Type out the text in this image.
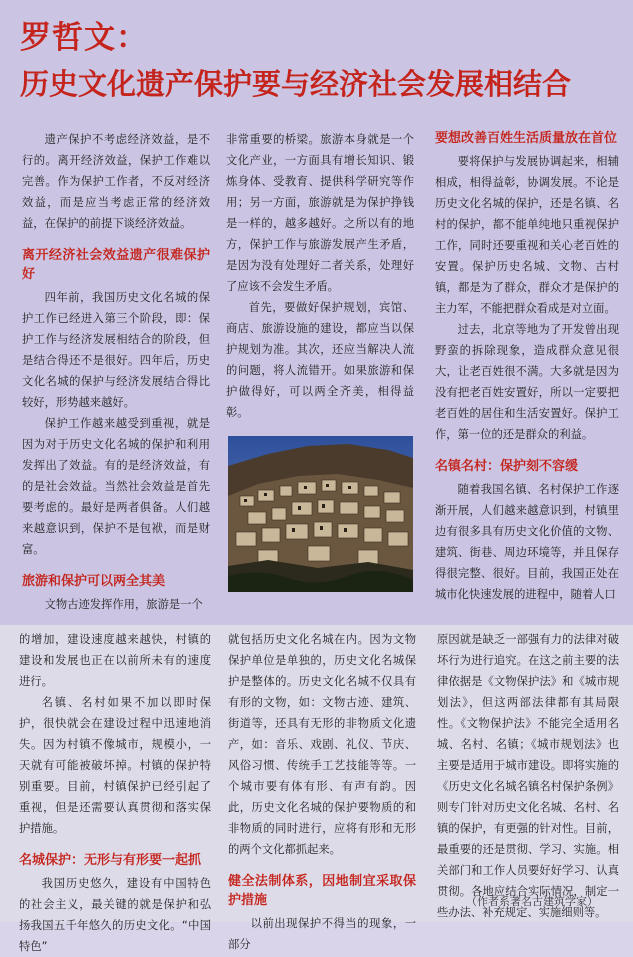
罗哲文：
历史文化遗产保护要与经济社会发展相结合

遗产保护不考虑经济效益，是不行的。离开经济效益，保护工作难以完善。作为保护工作者，不反对经济效益，而是应当考虑正常的经济效益，在保护的前提下谈经济效益。

离开经济社会效益遗产很难保护好

四年前，我国历史文化名城的保护工作已经进入第三个阶段，即：保护工作与经济发展相结合的阶段，但是结合得还不是很好。四年后，历史文化名城的保护与经济发展结合得比较好，形势越来越好。

保护工作越来越受到重视，就是因为对于历史文化名城的保护和利用发挥出了效益。有的是经济效益，有的是社会效益。当然社会效益是首先要考虑的。最好是两者俱备。人们越来越意识到，保护不是包袱，而是财富。

旅游和保护可以两全其美

文物古迹发挥作用，旅游是一个

非常重要的桥梁。旅游本身就是一个文化产业，一方面具有增长知识、锻炼身体、受教育、提供科学研究等作用；另一方面，旅游就是为保护挣钱是一样的，越多越好。之所以有的地方，保护工作与旅游发展产生矛盾，是因为没有处理好二者关系，处理好了应该不会发生矛盾。

首先，要做好保护规划，宾馆、商店、旅游设施的建设，都应当以保护规划为准。其次，还应当解决人流的问题，将人流错开。如果旅游和保护做得好，可以两全齐美，相得益彰。

要想改善百姓生活质量放在首位

要将保护与发展协调起来，相辅相成，相得益彰，协调发展。不论是历史文化名城的保护，还是名镇、名村的保护，都不能单纯地只重视保护工作，同时还要重视和关心老百姓的安置。保护历史名城、文物、古村镇，都是为了群众，群众才是保护的主力军，不能把群众看成是对立面。

过去，北京等地为了开发曾出现野蛮的拆除现象，造成群众意见很大，让老百姓很不满。大多就是因为没有把老百姓安置好，所以一定要把老百姓的居住和生活安置好。保护工作，第一位的还是群众的利益。

名镇名村：保护刻不容缓

随着我国名镇、名村保护工作逐渐开展，人们越来越意识到，村镇里边有很多具有历史文化价值的文物、建筑、街巷、周边环境等，并且保存得很完整、很好。目前，我国正处在城市化快速发展的进程中，随着人口

的增加，建设速度越来越快，村镇的建设和发展也正在以前所未有的速度进行。

名镇、名村如果不加以即时保护，很快就会在建设过程中迅速地消失。因为村镇不像城市，规模小，一天就有可能被破坏掉。村镇的保护特别重要。目前，村镇保护已经引起了重视，但是还需要认真贯彻和落实保护措施。

名城保护：无形与有形要一起抓

我国历史悠久，建设有中国特色的社会主义，最关键的就是保护和弘扬我国五千年悠久的历史文化。“中国特色”

就包括历史文化名城在内。因为文物保护单位是单独的，历史文化名城保护是整体的。历史文化名城不仅具有有形的文物，如：文物古迹、建筑、街道等，还具有无形的非物质文化遗产，如：音乐、戏剧、礼仪、节庆、风俗习惯、传统手工艺技能等等。一个城市要有体有形、有声有韵。因此，历史文化名城的保护要物质的和非物质的同时进行，应将有形和无形的两个文化都抓起来。

健全法制体系，因地制宜采取保护措施

以前出现保护不得当的现象，一部分

原因就是缺乏一部强有力的法律对破坏行为进行追究。在这之前主要的法律依据是《文物保护法》和《城市规划法》，但这两部法律都有其局限性。《文物保护法》不能完全适用名城、名村、名镇；《城市规划法》也主要是适用于城市建设。即将实施的《历史文化名城名镇名村保护条例》则专门针对历史文化名城、名村、名镇的保护，有更强的针对性。目前，最重要的还是贯彻、学习、实施。相关部门和工作人员要好好学习、认真贯彻。各地应结合实际情况，制定一些办法、补充规定、实施细则等。

（作者系著名古建筑学家）
